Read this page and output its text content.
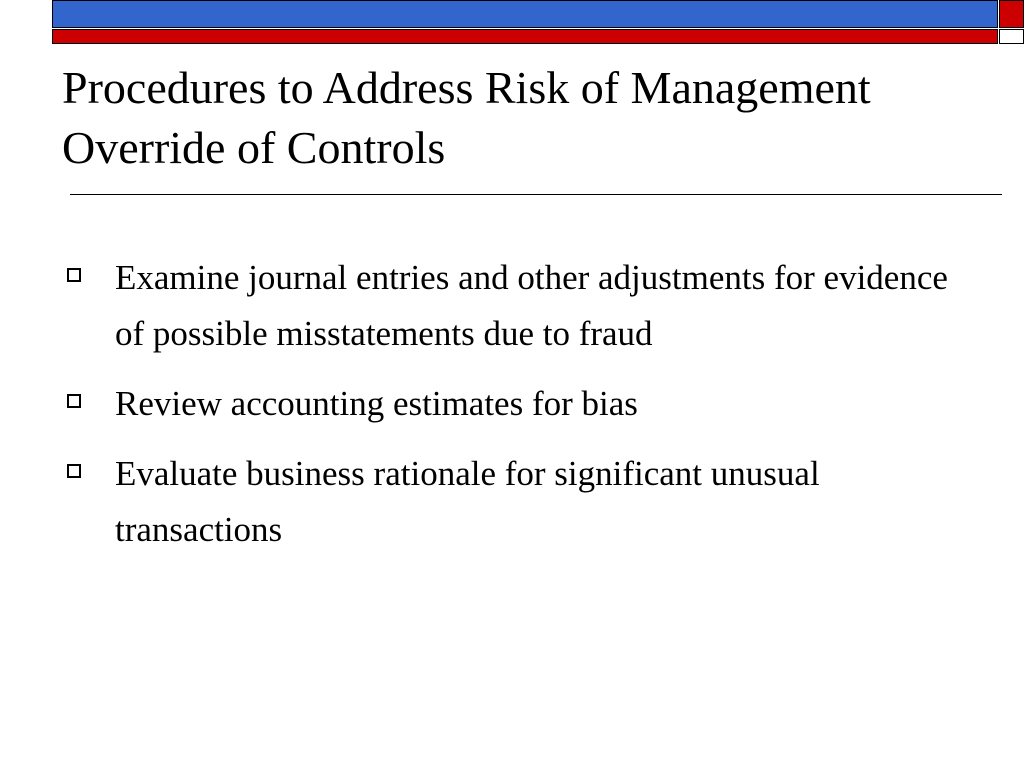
Procedures to Address Risk of Management Override of Controls
Examine journal entries and other adjustments for evidence of possible misstatements due to fraud
Review accounting estimates for bias
Evaluate business rationale for significant unusual transactions
